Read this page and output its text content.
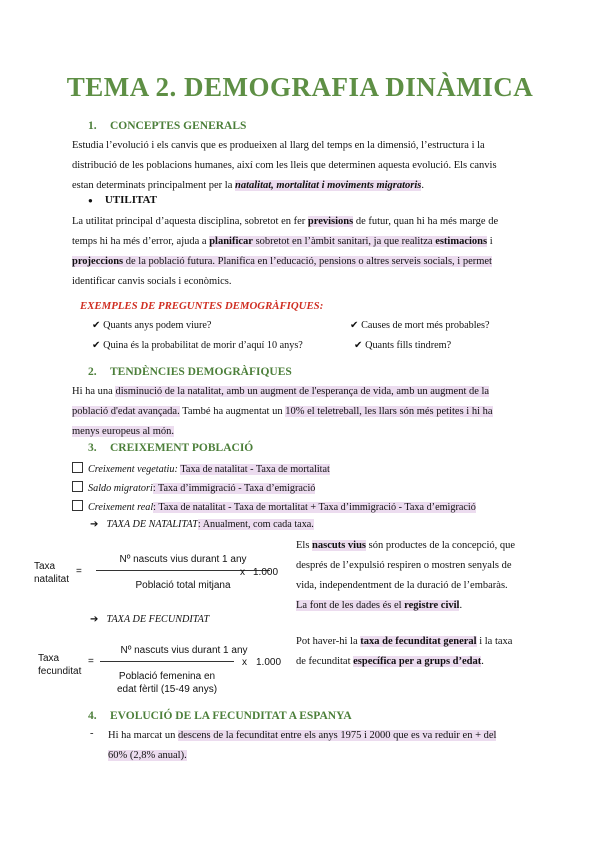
TEMA 2. DEMOGRAFIA DINÀMICA
1. CONCEPTES GENERALS
Estudia l’evolució i els canvis que es produeixen al llarg del temps en la dimensió, l’estructura i la
distribució de les poblacions humanes, així com les lleis que determinen aquesta evolució. Els canvis
estan determinats principalment per la natalitat, mortalitat i moviments migratoris.
● UTILITAT
La utilitat principal d’aquesta disciplina, sobretot en fer previsions de futur, quan hi ha més marge de
temps hi ha més d’error, ajuda a planificar sobretot en l’àmbit sanitari, ja que realitza estimacions i
projeccions de la població futura. Planifica en l’educació, pensions o altres serveis socials, i permet
identificar canvis socials i econòmics.
EXEMPLES DE PREGUNTES DEMOGRÀFIQUES:
✔ Quants anys podem viure?	✔ Causes de mort més probables?
✔ Quina és la probabilitat de morir d’aquí 10 anys?	✔ Quants fills tindrem?
2. TENDÈNCIES DEMOGRÀFIQUES
Hi ha una disminució de la natalitat, amb un augment de l'esperança de vida, amb un augment de la
població d'edat avançada. També ha augmentat un 10% el teletreball, les llars són més petites i hi ha
menys europeus al món.
3. CREIXEMENT POBLACIÓ
Creixement vegetatiu: Taxa de natalitat - Taxa de mortalitat
Saldo migratori: Taxa d’immigració - Taxa d’emigració
Creixement real: Taxa de natalitat - Taxa de mortalitat + Taxa d’immigració - Taxa d’emigració
➔ TAXA DE NATALITAT: Anualment, com cada taxa.
Taxa
natalitat
=
Nº nascuts vius durant 1 any
Població total mitjana
x 1.000
Els nascuts vius són productes de la concepció, que
després de l’expulsió respiren o mostren senyals de
vida, independentment de la duració de l’embaràs.
La font de les dades és el registre civil.
➔ TAXA DE FECUNDITAT
Taxa
fecunditat
=
Nº nascuts vius durant 1 any
Població femenina en
edat fèrtil (15-49 anys)
x 1.000
Pot haver-hi la taxa de fecunditat general i la taxa
de fecunditat específica per a grups d’edat.
4. EVOLUCIÓ DE LA FECUNDITAT A ESPANYA
- Hi ha marcat un descens de la fecunditat entre els anys 1975 i 2000 que es va reduir en + del
60% (2,8% anual).
